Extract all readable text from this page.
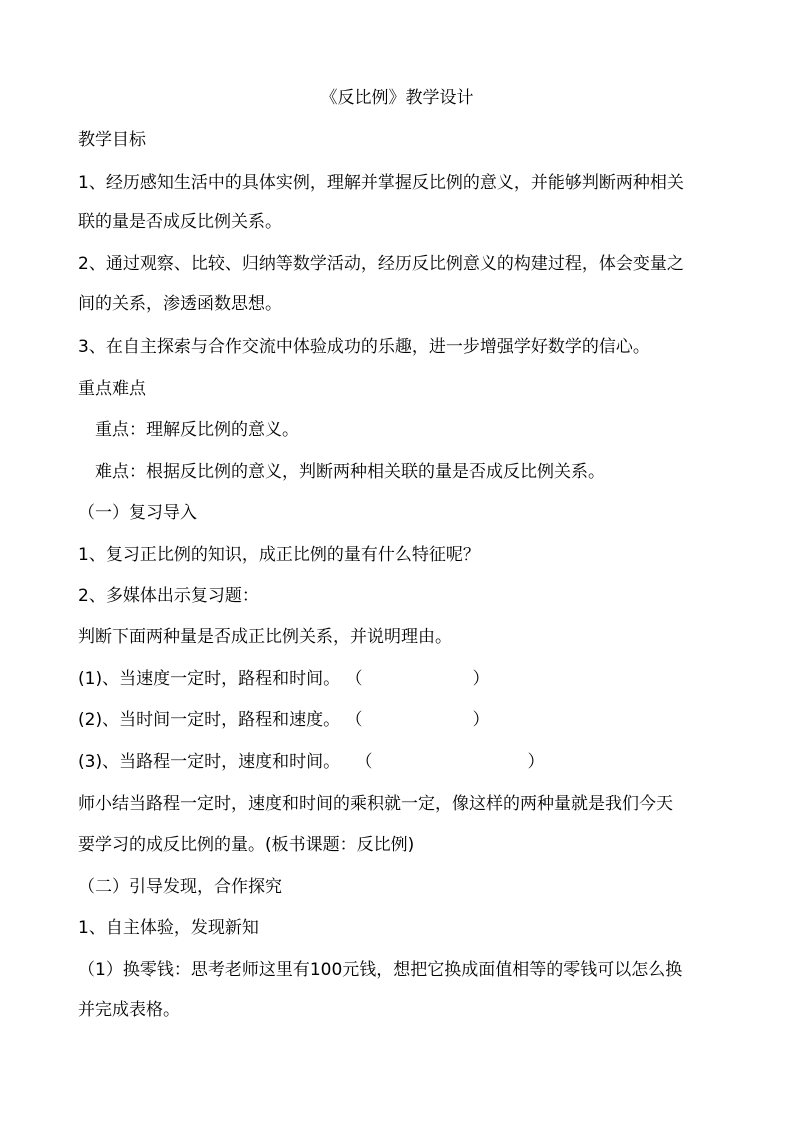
《反比例》教学设计
教学目标
1、经历感知生活中的具体实例，理解并掌握反比例的意义，并能够判断两种相关
联的量是否成反比例关系。
2、通过观察、比较、归纳等数学活动，经历反比例意义的构建过程，体会变量之
间的关系，渗透函数思想。
3、在自主探索与合作交流中体验成功的乐趣，进一步增强学好数学的信心。
重点难点
重点：理解反比例的意义。
难点：根据反比例的意义，判断两种相关联的量是否成反比例关系。
（一）复习导入
1、复习正比例的知识，成正比例的量有什么特征呢？
2、多媒体出示复习题：
判断下面两种量是否成正比例关系，并说明理由。
(1)、当速度一定时，路程和时间。 （	）
(2)、当时间一定时，路程和速度。 （	）
(3)、当路程一定时，速度和时间。 （	）
师小结当路程一定时，速度和时间的乘积就一定，像这样的两种量就是我们今天
要学习的成反比例的量。(板书课题：反比例)
（二）引导发现，合作探究
1、自主体验，发现新知
（1）换零钱：思考老师这里有100元钱，想把它换成面值相等的零钱可以怎么换
并完成表格。
